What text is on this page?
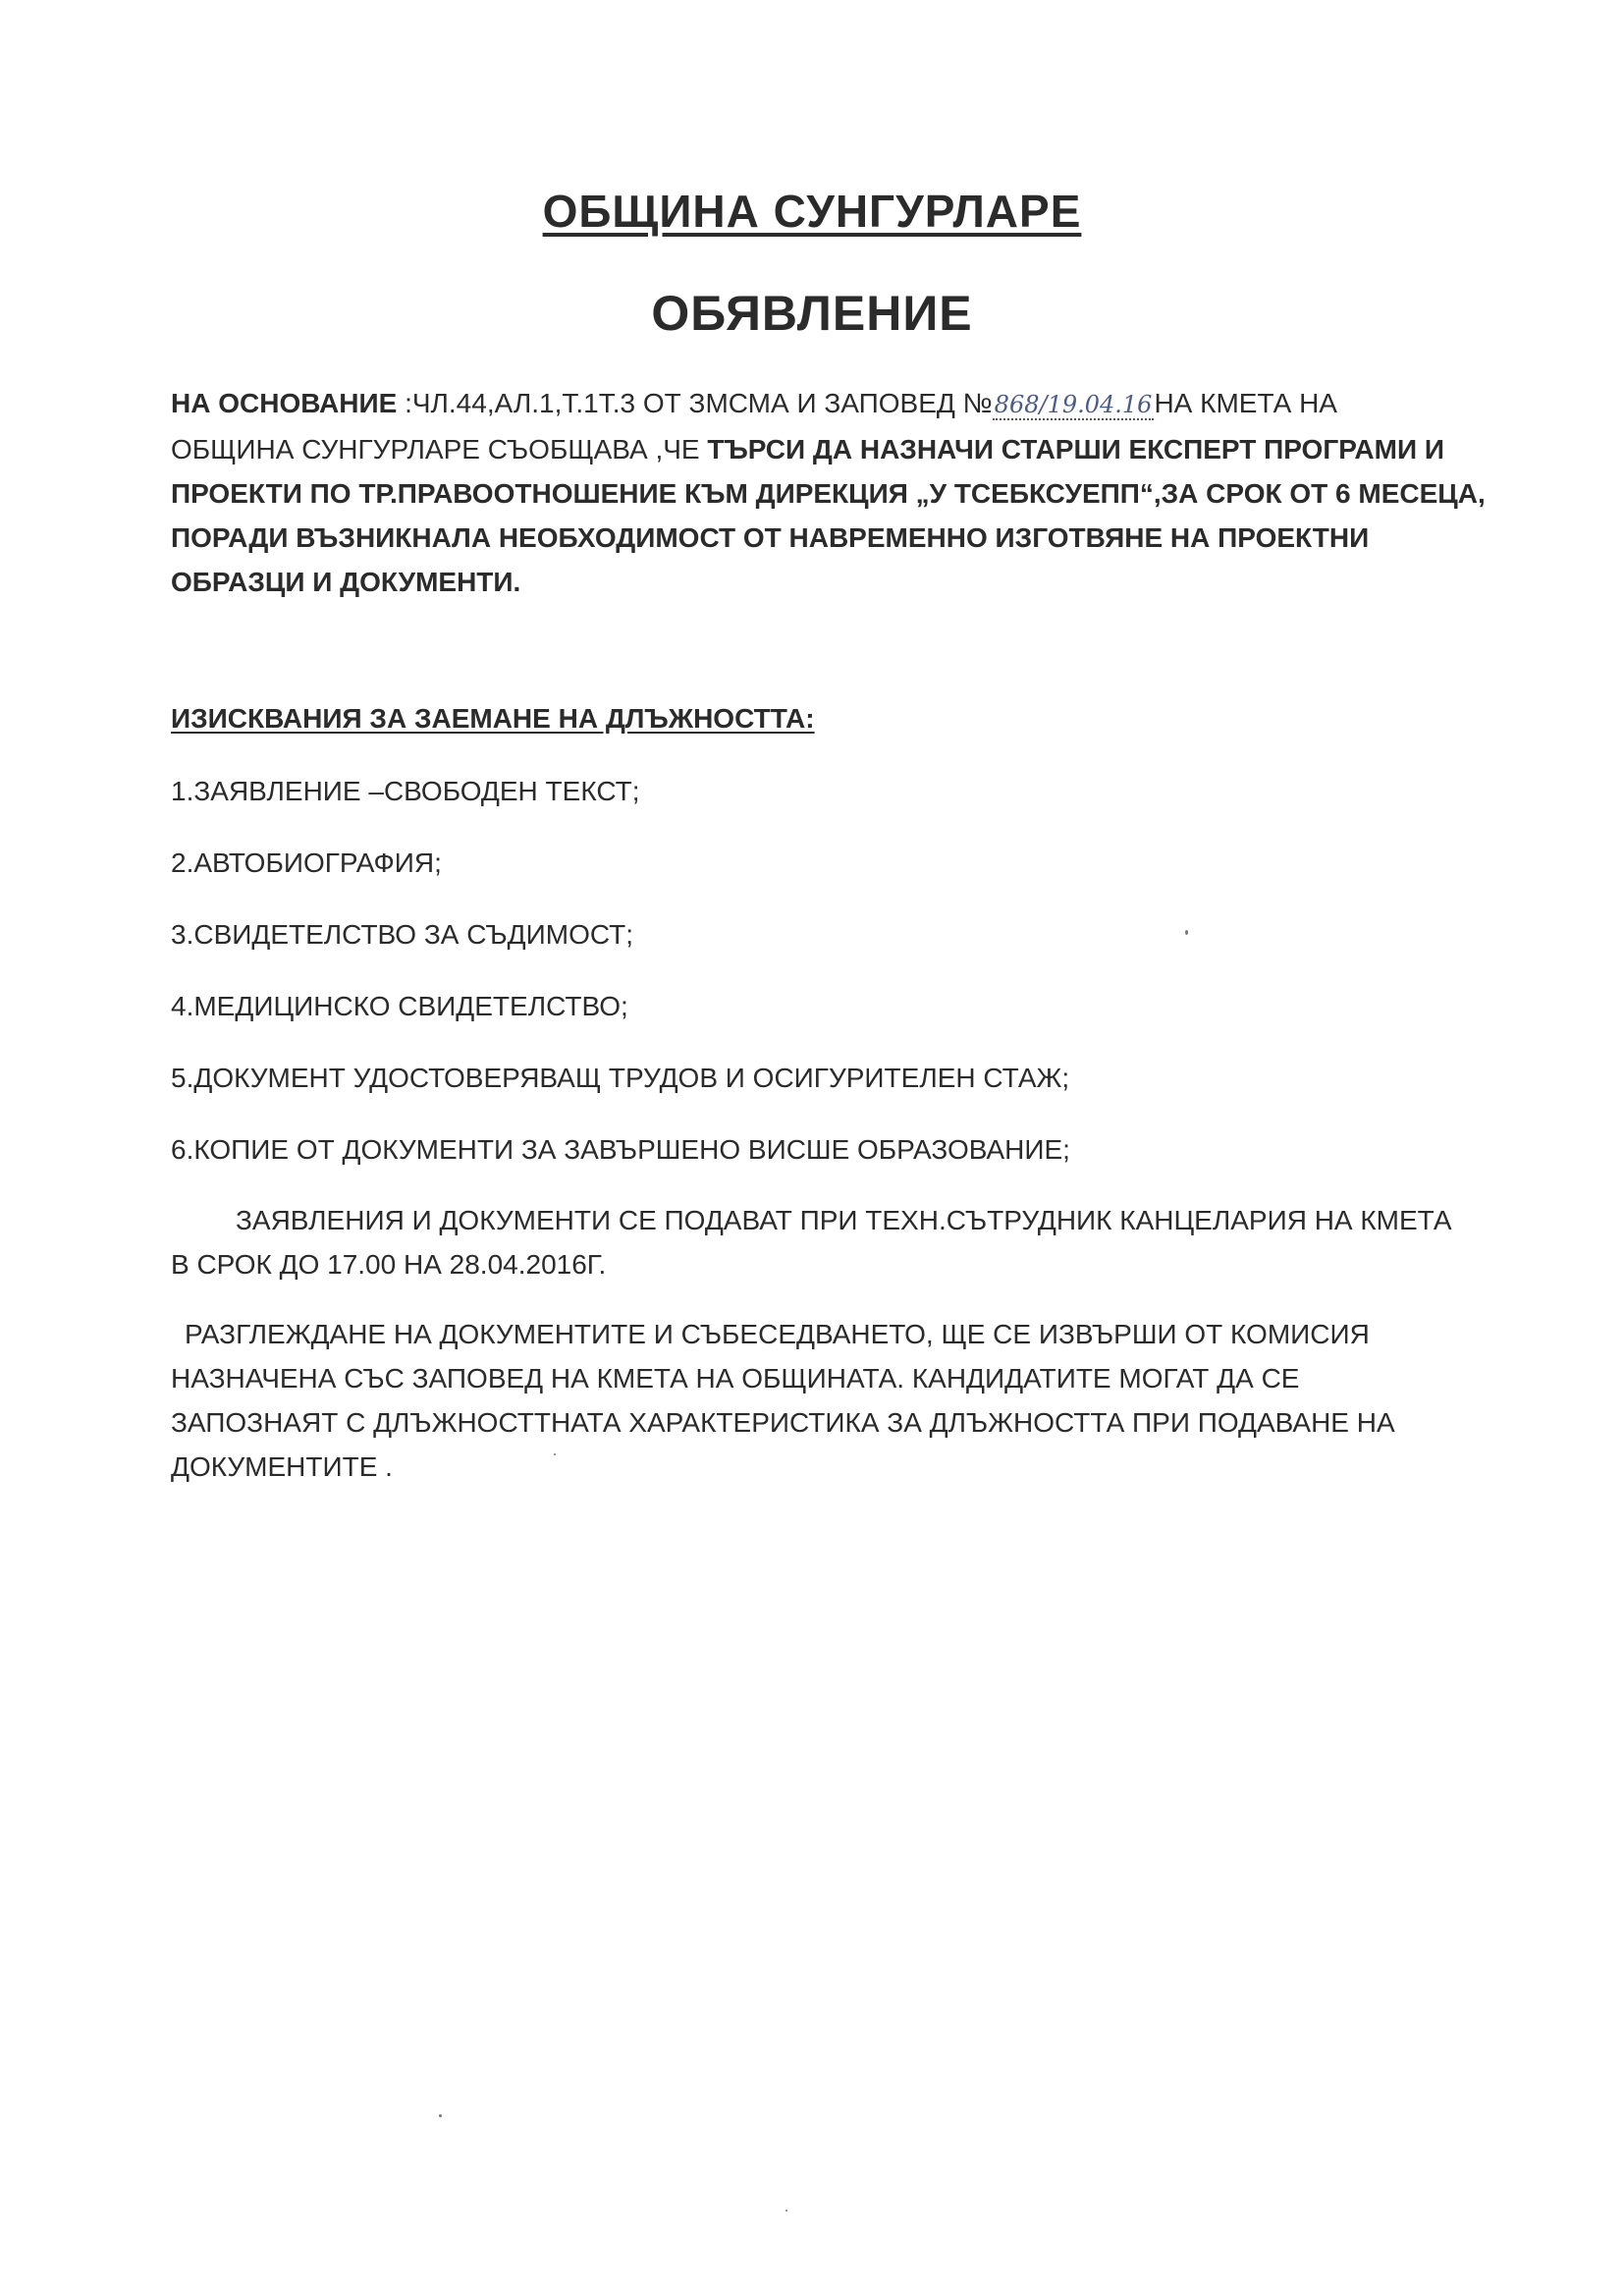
ОБЩИНА СУНГУРЛАРЕ
ОБЯВЛЕНИЕ
НА ОСНОВАНИЕ :ЧЛ.44,АЛ.1,Т.1Т.3 ОТ ЗМСМА И ЗАПОВЕД №868/19.04.16НА КМЕТА НА
ОБЩИНА СУНГУРЛАРЕ СЪОБЩАВА ,ЧЕ ТЪРСИ ДА НАЗНАЧИ СТАРШИ ЕКСПЕРТ ПРОГРАМИ И
ПРОЕКТИ ПО ТР.ПРАВООТНОШЕНИЕ КЪМ ДИРЕКЦИЯ „У ТСЕБКСУЕПП“,ЗА СРОК ОТ 6 МЕСЕЦА,
ПОРАДИ ВЪЗНИКНАЛА НЕОБХОДИМОСТ ОТ НАВРЕМЕННО ИЗГОТВЯНЕ НА ПРОЕКТНИ
ОБРАЗЦИ И ДОКУМЕНТИ.
ИЗИСКВАНИЯ ЗА ЗАЕМАНЕ НА ДЛЪЖНОСТТА:
1.ЗАЯВЛЕНИЕ –СВОБОДЕН ТЕКСТ;
2.АВТОБИОГРАФИЯ;
3.СВИДЕТЕЛСТВО ЗА СЪДИМОСТ;
4.МЕДИЦИНСКО СВИДЕТЕЛСТВО;
5.ДОКУМЕНТ УДОСТОВЕРЯВАЩ ТРУДОВ И ОСИГУРИТЕЛЕН СТАЖ;
6.КОПИЕ ОТ ДОКУМЕНТИ ЗА ЗАВЪРШЕНО ВИСШЕ ОБРАЗОВАНИЕ;
ЗАЯВЛЕНИЯ И ДОКУМЕНТИ СЕ ПОДАВАТ ПРИ ТЕХН.СЪТРУДНИК КАНЦЕЛАРИЯ НА КМЕТА
В СРОК ДО 17.00 НА 28.04.2016Г.
РАЗГЛЕЖДАНЕ НА ДОКУМЕНТИТЕ И СЪБЕСЕДВАНЕТО, ЩЕ СЕ ИЗВЪРШИ ОТ КОМИСИЯ
НАЗНАЧЕНА СЪС ЗАПОВЕД НА КМЕТА НА ОБЩИНАТА. КАНДИДАТИТЕ МОГАТ ДА СЕ
ЗАПОЗНАЯТ С ДЛЪЖНОСТТНАТА ХАРАКТЕРИСТИКА ЗА ДЛЪЖНОСТТА ПРИ ПОДАВАНЕ НА
ДОКУМЕНТИТЕ .
